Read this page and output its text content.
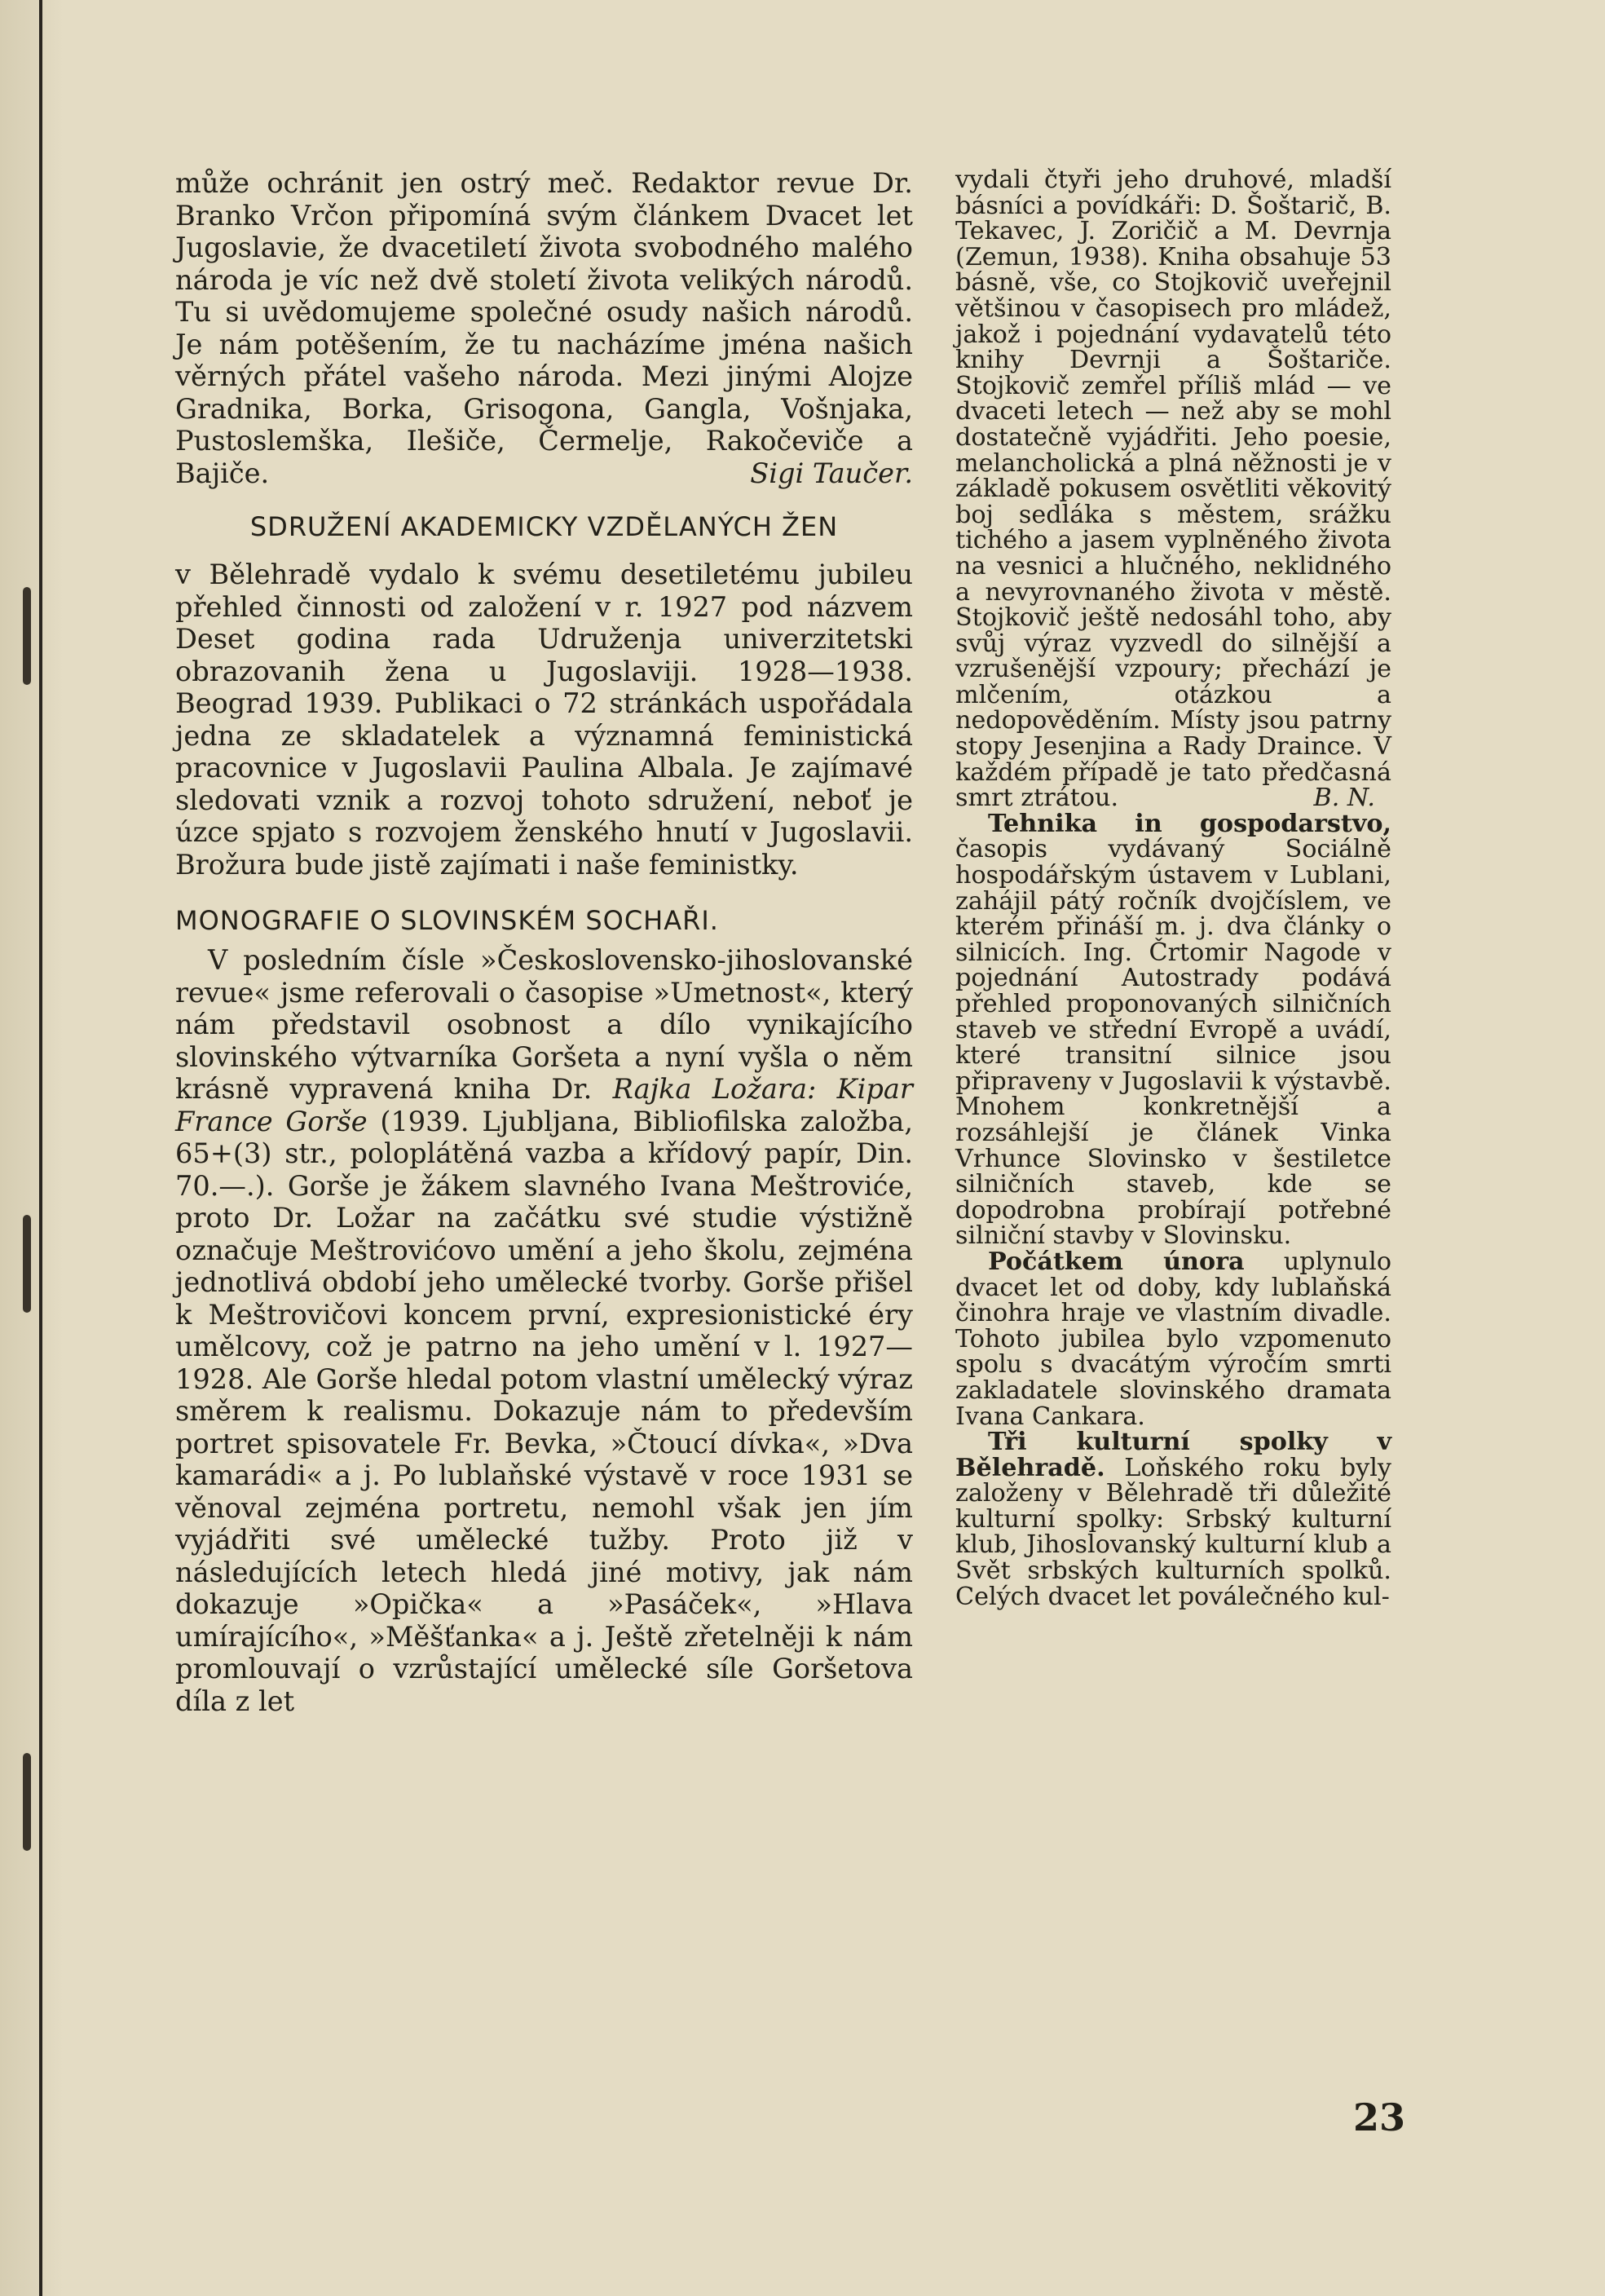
může ochránit jen ostrý meč. Redaktor revue Dr. Branko Vrčon připomíná svým článkem Dvacet let Jugoslavie, že dvacetiletí života svobodného malého národa je víc než dvě století života velikých národů. Tu si uvědomujeme společné osudy našich národů. Je nám potěšením, že tu nacházíme jména našich věrných přátel vašeho národa. Mezi jinými Alojze Gradnika, Borka, Grisogona, Gangla, Vošnjaka, Pustoslemška, Ilešiče, Čermelje, Rakočeviče a Bajiče.	Sigi Taučer.

SDRUŽENÍ AKADEMICKY VZDĚLANÝCH ŽEN

v Bělehradě vydalo k svému desetiletému jubileu přehled činnosti od založení v r. 1927 pod názvem Deset godina rada Udruženja univerzitetski obrazovanih žena u Jugoslaviji. 1928—1938. Beograd 1939. Publikaci o 72 stránkách uspořádala jedna ze skladatelek a významná feministická pracovnice v Jugoslavii Paulina Albala. Je zajímavé sledovati vznik a rozvoj tohoto sdružení, neboť je úzce spjato s rozvojem ženského hnutí v Jugoslavii. Brožura bude jistě zajímati i naše feministky.

MONOGRAFIE O SLOVINSKÉM SOCHAŘI.

V posledním čísle »Československo-jihoslovanské revue« jsme referovali o časopise »Umetnost«, který nám představil osobnost a dílo vynikajícího slovinského výtvarníka Goršeta a nyní vyšla o něm krásně vypravená kniha Dr. Rajka Ložara: Kipar France Gorše (1939. Ljubljana, Bibliofilska založba, 65+(3) str., poloplátěná vazba a křídový papír, Din. 70.—.). Gorše je žákem slavného Ivana Meštroviće, proto Dr. Ložar na začátku své studie výstižně označuje Meštrovićovo umění a jeho školu, zejména jednotlivá období jeho umělecké tvorby. Gorše přišel k Meštrovičovi koncem první, expresionistické éry umělcovy, což je patrno na jeho umění v l. 1927—1928. Ale Gorše hledal potom vlastní umělecký výraz směrem k realismu. Dokazuje nám to především portret spisovatele Fr. Bevka, »Čtoucí dívka«, »Dva kamarádi« a j. Po lublaňské výstavě v roce 1931 se věnoval zejména portretu, nemohl však jen jím vyjádřiti své umělecké tužby. Proto již v následujících letech hledá jiné motivy, jak nám dokazuje »Opička« a »Pasáček«, »Hlava umírajícího«, »Měšťanka« a j. Ještě zřetelněji k nám promlouvají o vzrůstající umělecké síle Goršetova díla z let

vydali čtyři jeho druhové, mladší básníci a povídkáři: D. Šoštarič, B. Tekavec, J. Zoričič a M. Devrnja (Zemun, 1938). Kniha obsahuje 53 básně, vše, co Stojkovič uveřejnil většinou v časopisech pro mládež, jakož i pojednání vydavatelů této knihy Devrnji a Šoštariče. Stojkovič zemřel příliš mlád — ve dvaceti letech — než aby se mohl dostatečně vyjádřiti. Jeho poesie, melancholická a plná něžnosti je v základě pokusem osvětliti věkovitý boj sedláka s městem, srážku tichého a jasem vyplněného života na vesnici a hlučného, neklidného a nevyrovnaného života v městě. Stojkovič ještě nedosáhl toho, aby svůj výraz vyzvedl do silnější a vzrušenější vzpoury; přechází je mlčením, otázkou a nedopověděním. Místy jsou patrny stopy Jesenjina a Rady Draince. V každém případě je tato předčasná smrt ztrátou.	B. N.

Tehnika in gospodarstvo, časopis vydávaný Sociálně hospodářským ústavem v Lublani, zahájil pátý ročník dvojčíslem, ve kterém přináší m. j. dva články o silnicích. Ing. Črtomir Nagode v pojednání Autostrady podává přehled proponovaných silničních staveb ve střední Evropě a uvádí, které transitní silnice jsou připraveny v Jugoslavii k výstavbě. Mnohem konkretnější a rozsáhlejší je článek Vinka Vrhunce Slovinsko v šestiletce silničních staveb, kde se dopodrobna probírají potřebné silniční stavby v Slovinsku.

Počátkem února uplynulo dvacet let od doby, kdy lublaňská činohra hraje ve vlastním divadle. Tohoto jubilea bylo vzpomenuto spolu s dvacátým výročím smrti zakladatele slovinského dramata Ivana Cankara.

Tři kulturní spolky v Bělehradě. Loňského roku byly založeny v Bělehradě tři důležité kulturní spolky: Srbský kulturní klub, Jihoslovanský kulturní klub a Svět srbských kulturních spolků. Celých dvacet let poválečného kul-

23
